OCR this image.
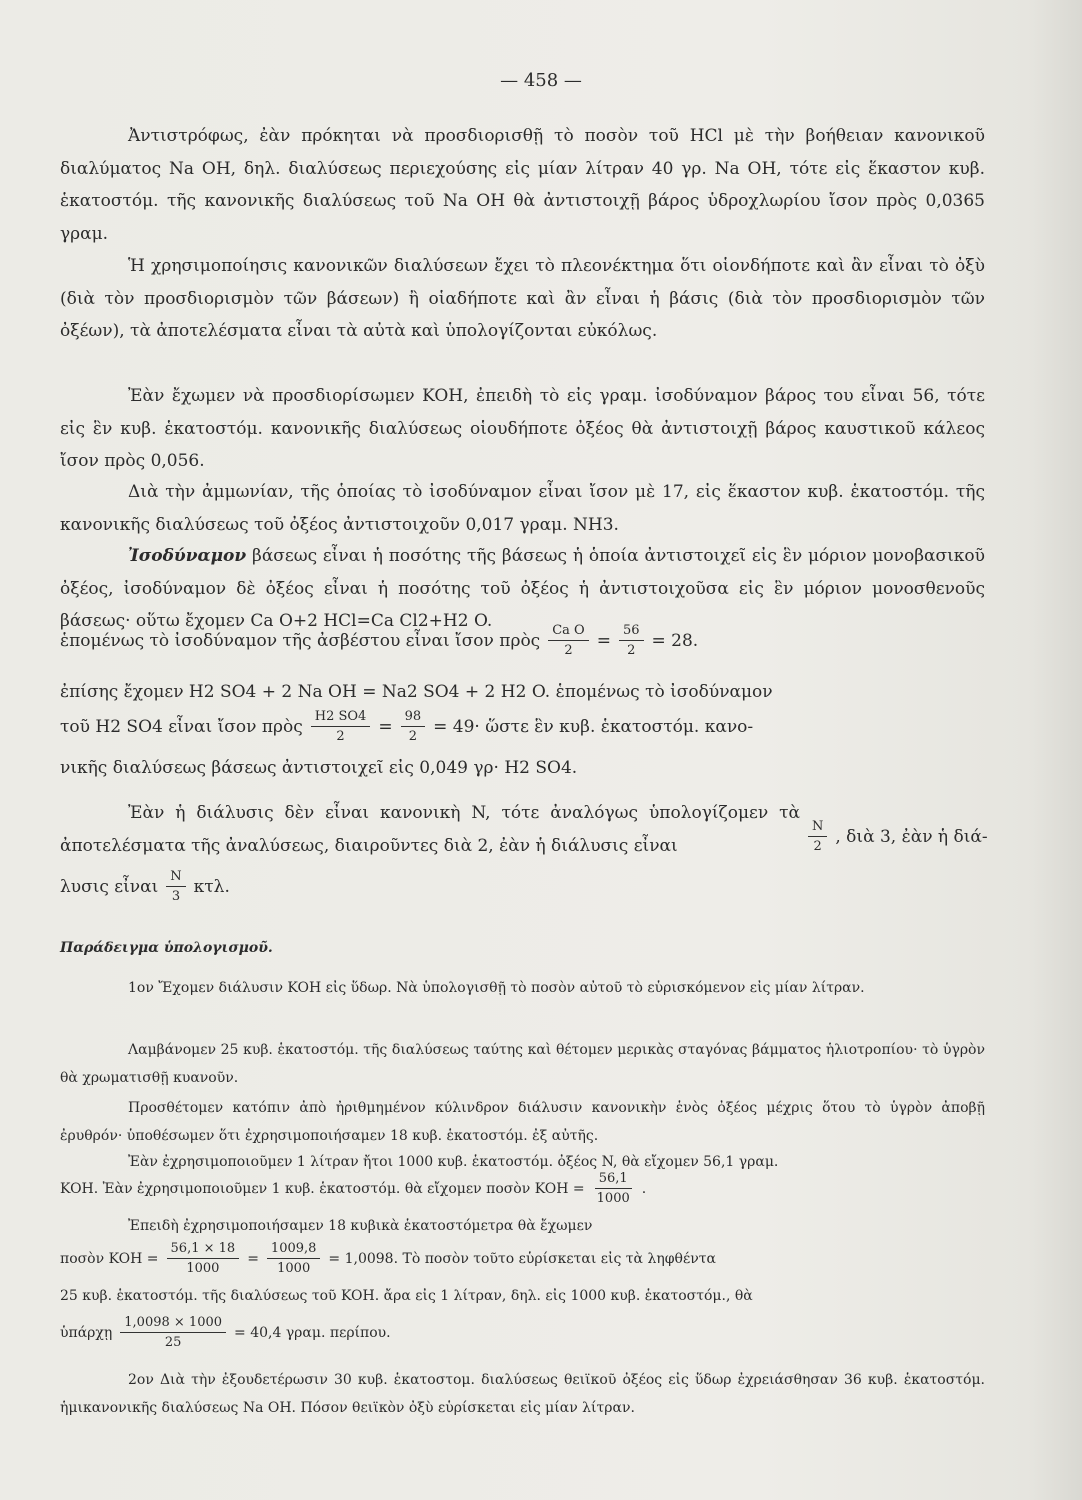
— 458 —

Ἀντιστρόφως, ἐὰν πρόκηται νὰ προσδιορισθῇ τὸ ποσὸν τοῦ HCl μὲ τὴν βοήθειαν κανονικοῦ διαλύματος Na OH, δηλ. διαλύσεως περιεχούσης εἰς μίαν λίτραν 40 γρ. Na OH, τότε εἰς ἕκαστον κυβ. ἑκατοστόμ. τῆς κανονικῆς διαλύσεως τοῦ Na OH θὰ ἀντιστοιχῇ βάρος ὑδροχλωρίου ἴσον πρὸς 0,0365 γραμ.

Ἡ χρησιμοποίησις κανονικῶν διαλύσεων ἔχει τὸ πλεονέκτημα ὅτι οἱονδήποτε καὶ ἂν εἶναι τὸ ὀξὺ (διὰ τὸν προσδιορισμὸν τῶν βάσεων) ἢ οἱαδήποτε καὶ ἂν εἶναι ἡ βάσις (διὰ τὸν προσδιορισμὸν τῶν ὀξέων), τὰ ἀποτελέσματα εἶναι τὰ αὐτὰ καὶ ὑπολογίζονται εὐκόλως.

Ἐὰν ἔχωμεν νὰ προσδιορίσωμεν KOH, ἐπειδὴ τὸ εἰς γραμ. ἰσοδύναμον βάρος του εἶναι 56, τότε εἰς ἓν κυβ. ἑκατοστόμ. κανονικῆς διαλύσεως οἱουδήποτε ὀξέος θὰ ἀντιστοιχῇ βάρος καυστικοῦ κάλεος ἴσον πρὸς 0,056.

Διὰ τὴν ἀμμωνίαν, τῆς ὁποίας τὸ ἰσοδύναμον εἶναι ἴσον μὲ 17, εἰς ἕκαστον κυβ. ἑκατοστόμ. τῆς κανονικῆς διαλύσεως τοῦ ὀξέος ἀντιστοιχοῦν 0,017 γραμ. NH3.

Ἰσοδύναμον βάσεως εἶναι ἡ ποσότης τῆς βάσεως ἡ ὁποία ἀντιστοιχεῖ εἰς ἓν μόριον μονοβασικοῦ ὀξέος, ἰσοδύναμον δὲ ὀξέος εἶναι ἡ ποσότης τοῦ ὀξέος ἡ ἀντιστοιχοῦσα εἰς ἓν μόριον μονοσθενοῦς βάσεως· οὕτω ἔχομεν Ca O+2 HCl=Ca Cl2+H2 O.

ἑπομένως τὸ ἰσοδύναμον τῆς ἀσβέστου εἶναι ἴσον πρὸς $\frac{\text{Ca O}}{2} = \frac{56}{2} = 28$.

ἐπίσης ἔχομεν H2 SO4 + 2 Na OH = Na2 SO4 + 2 H2 O. ἑπομένως τὸ ἰσοδύναμον

τοῦ H2 SO4 εἶναι ἴσον πρὸς $\frac{H2 SO4}{2} = \frac{98}{2} = 49\cdot$ ὥστε ἓν κυβ. ἑκατοστόμ. κανο-

νικῆς διαλύσεως βάσεως ἀντιστοιχεῖ εἰς 0,049 γρ· H2 SO4.

Ἐὰν ἡ διάλυσις δὲν εἶναι κανονικὴ N, τότε ἀναλόγως ὑπολογίζομεν τὰ ἀποτελέσματα τῆς ἀναλύσεως, διαιροῦντες διὰ 2, ἐὰν ἡ διάλυσις εἶναι	$\frac{N}{2}$ , διὰ 3, ἐὰν ἡ διά-
λυσις εἶναι $\frac{N}{3} \kappa\tau\lambda$.
Παράδειγμα ὑπολογισμοῦ.

1ον Ἔχομεν διάλυσιν KOH εἰς ὕδωρ. Νὰ ὑπολογισθῇ τὸ ποσὸν αὐτοῦ τὸ εὑρισκόμενον εἰς μίαν λίτραν.

Λαμβάνομεν 25 κυβ. ἑκατοστόμ. τῆς διαλύσεως ταύτης καὶ θέτομεν μερικὰς σταγόνας βάμματος ἡλιοτροπίου· τὸ ὑγρὸν θὰ χρωματισθῇ κυανοῦν.

Προσθέτομεν κατόπιν ἀπὸ ἠριθμημένον κύλινδρον διάλυσιν κανονικὴν ἑνὸς ὀξέος μέχρις ὅτου τὸ ὑγρὸν ἀποβῇ ἐρυθρόν· ὑποθέσωμεν ὅτι ἐχρησιμοποιήσαμεν 18 κυβ. ἑκατοστόμ. ἐξ αὐτῆς.

Ἐὰν ἐχρησιμοποιοῦμεν 1 λίτραν ἤτοι 1000 κυβ. ἑκατοστόμ. ὀξέος N, θὰ εἴχομεν 56,1 γραμ.

KOH. Ἐὰν ἐχρησιμοποιοῦμεν 1 κυβ. ἑκατοστόμ. θὰ εἴχομεν ποσὸν KOH = $\frac{56,1}{1000}$ .

Ἐπειδὴ ἐχρησιμοποιήσαμεν 18 κυβικὰ ἑκατοστόμετρα θὰ ἔχωμεν

ποσὸν KOH = $\frac{56,1 \times 18}{1000} = \frac{1009,8}{1000} = 1,0098$. Τὸ ποσὸν τοῦτο εὑρίσκεται εἰς τὰ ληφθέντα

25 κυβ. ἑκατοστόμ. τῆς διαλύσεως τοῦ KOH. ἄρα εἰς 1 λίτραν, δηλ. εἰς 1000 κυβ. ἑκατοστόμ., θὰ

ὑπάρχῃ $\frac{1,0098 \times 1000}{25} = 40,4$ γραμ. περίπου.

2ον Διὰ τὴν ἐξουδετέρωσιν 30 κυβ. ἑκατοστομ. διαλύσεως θειϊκοῦ ὀξέος εἰς ὕδωρ ἐχρειάσθησαν 36 κυβ. ἑκατοστόμ. ἡμικανονικῆς διαλύσεως Na OH. Πόσον θειϊκὸν ὀξὺ εὑρίσκεται εἰς μίαν λίτραν.
